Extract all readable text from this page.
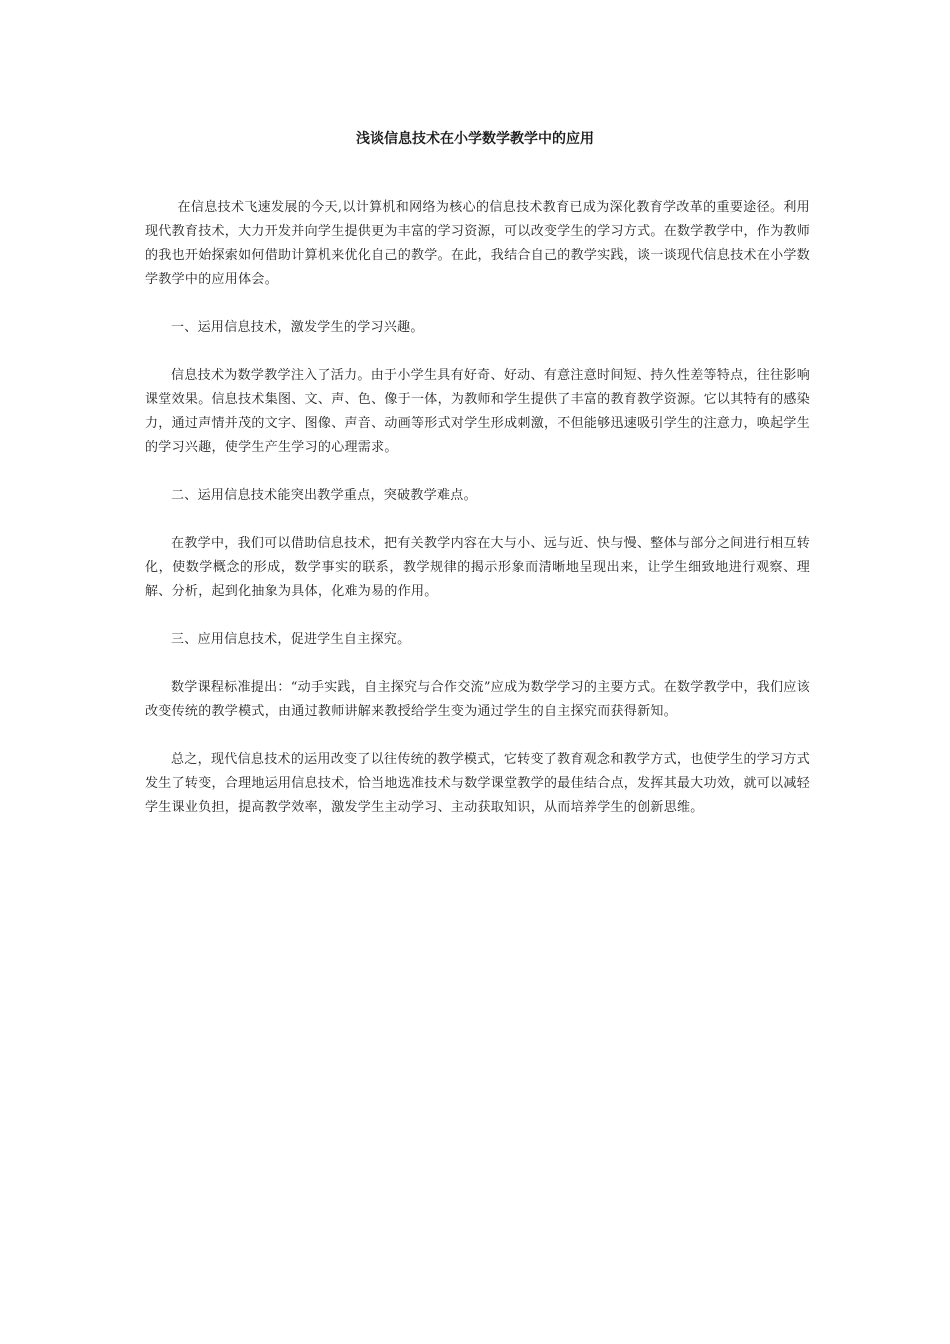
浅谈信息技术在小学数学教学中的应用

在信息技术飞速发展的今天,以计算机和网络为核心的信息技术教育已成为深化教育学改革的重要途径。利用现代教育技术，大力开发并向学生提供更为丰富的学习资源，可以改变学生的学习方式。在数学教学中，作为教师的我也开始探索如何借助计算机来优化自己的教学。在此，我结合自己的教学实践，谈一谈现代信息技术在小学数学教学中的应用体会。

一、运用信息技术，激发学生的学习兴趣。

信息技术为数学教学注入了活力。由于小学生具有好奇、好动、有意注意时间短、持久性差等特点，往往影响课堂效果。信息技术集图、文、声、色、像于一体，为教师和学生提供了丰富的教育教学资源。它以其特有的感染力，通过声情并茂的文字、图像、声音、动画等形式对学生形成刺激，不但能够迅速吸引学生的注意力，唤起学生的学习兴趣，使学生产生学习的心理需求。

二、运用信息技术能突出教学重点，突破教学难点。

在教学中，我们可以借助信息技术，把有关教学内容在大与小、远与近、快与慢、整体与部分之间进行相互转化，使数学概念的形成，数学事实的联系，教学规律的揭示形象而清晰地呈现出来，让学生细致地进行观察、理解、分析，起到化抽象为具体，化难为易的作用。

三、应用信息技术，促进学生自主探究。

数学课程标准提出：“动手实践，自主探究与合作交流”应成为数学学习的主要方式。在数学教学中，我们应该改变传统的教学模式，由通过教师讲解来教授给学生变为通过学生的自主探究而获得新知。

总之，现代信息技术的运用改变了以往传统的教学模式，它转变了教育观念和教学方式，也使学生的学习方式发生了转变，合理地运用信息技术，恰当地选准技术与数学课堂教学的最佳结合点，发挥其最大功效，就可以减轻学生课业负担，提高教学效率，激发学生主动学习、主动获取知识，从而培养学生的创新思维。
